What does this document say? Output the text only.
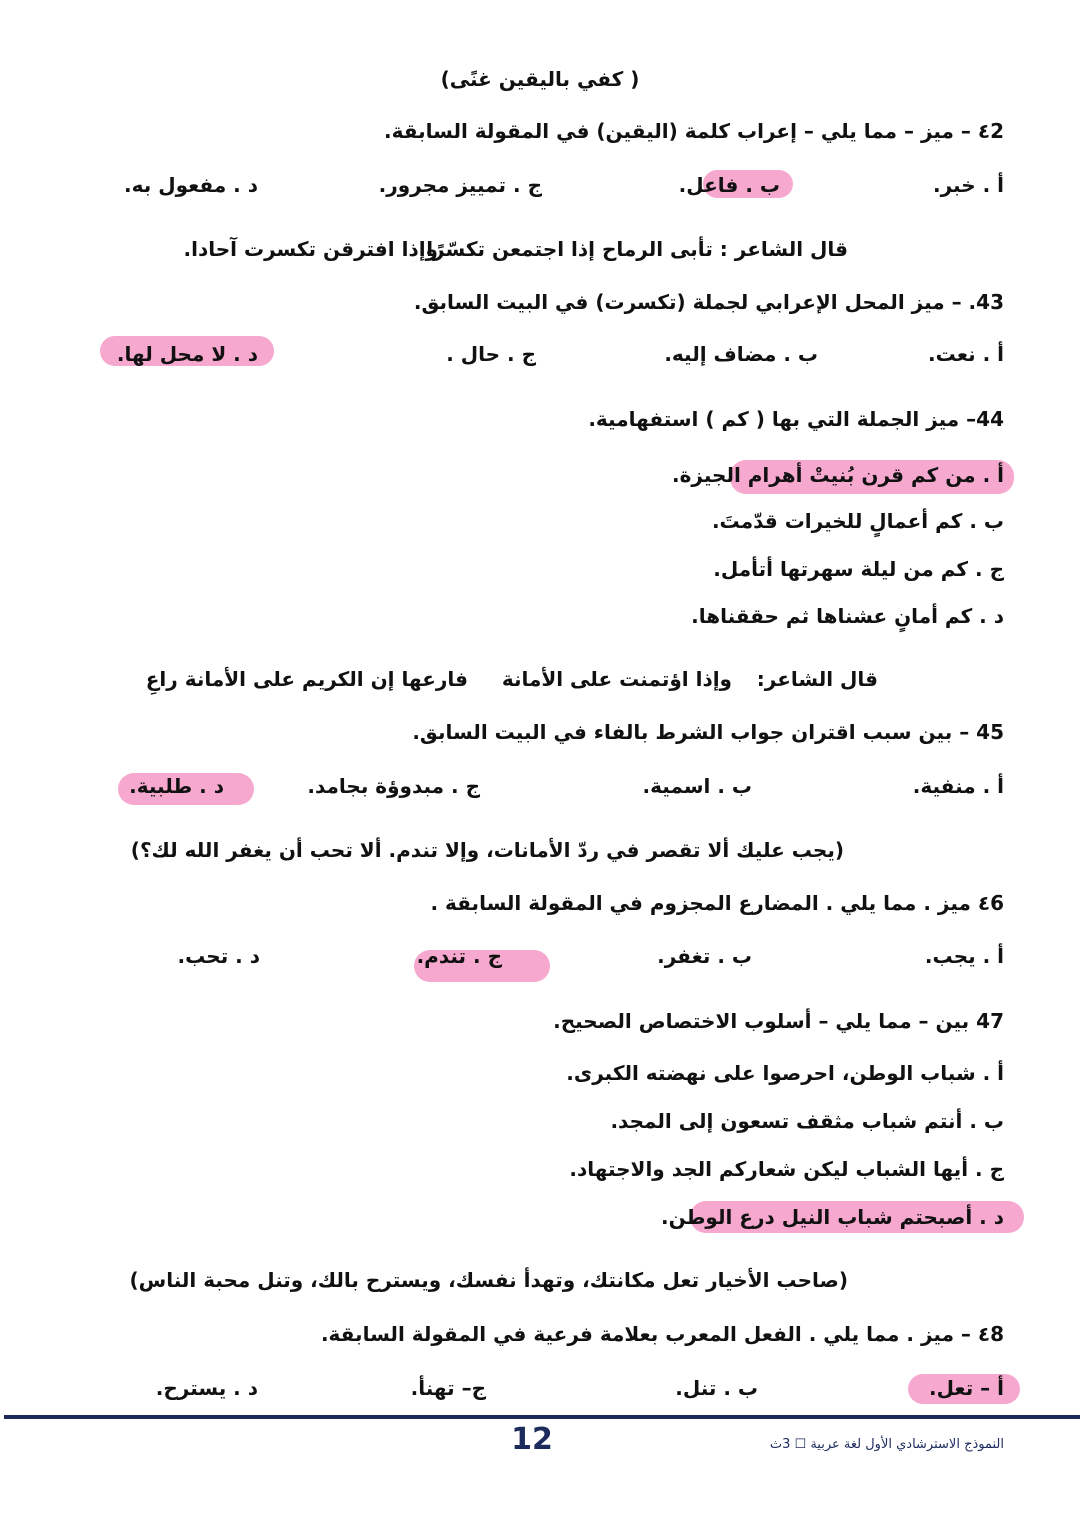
( كفي باليقين غنًى)
٤2 – ميز – مما يلي – إعراب كلمة (اليقين) في المقولة السابقة.
أ . خبر.
ب . فاعل.
ج . تمييز مجرور.
د . مفعول به.
قال الشاعر : تأبى الرماح إذا اجتمعن تكسّرًا
وإذا افترقن تكسرت آحادا.
43. – ميز المحل الإعرابي لجملة (تكسرت) في البيت السابق.
أ . نعت.
ب . مضاف إليه.
ج . حال .
د . لا محل لها.
44– ميز الجملة التي بها ( كم ) استفهامية.
أ . من كم قرن بُنيتْ أهرام الجيزة.
ب . كم أعمالٍ للخيرات قدّمتَ.
ج . كم من ليلة سهرتها أتأمل.
د . كم أمانٍ عشناها ثم حققناها.
قال الشاعر:
وإذا اؤتمنت على الأمانة
فارعها إن الكريم على الأمانة راعِ
45 – بين سبب اقتران جواب الشرط بالفاء في البيت السابق.
أ . منفية.
ب . اسمية.
ج . مبدوؤة بجامد.
د . طلبية.
(يجب عليك ألا تقصر في ردّ الأمانات، وإلا تندم. ألا تحب أن يغفر الله لك؟)
٤6 ميز . مما يلي . المضارع المجزوم في المقولة السابقة .
أ . يجب.
ب . تغفر.
ج . تندم.
د . تحب.
47 بين – مما يلي – أسلوب الاختصاص الصحيح.
أ . شباب الوطن، احرصوا على نهضته الكبرى.
ب . أنتم شباب مثقف تسعون إلى المجد.
ج . أيها الشباب ليكن شعاركم الجد والاجتهاد.
د . أصبحتم شباب النيل درع الوطن.
(صاحب الأخيار تعل مكانتك، وتهدأ نفسك، ويسترح بالك، وتنل محبة الناس)
٤8 – ميز . مما يلي . الفعل المعرب بعلامة فرعية في المقولة السابقة.
أ – تعل.
ب . تنل.
ج– تهنأ.
د . يسترح.
12	النموذج الاسترشادي الأول لغة عربية ☐ 3ث
